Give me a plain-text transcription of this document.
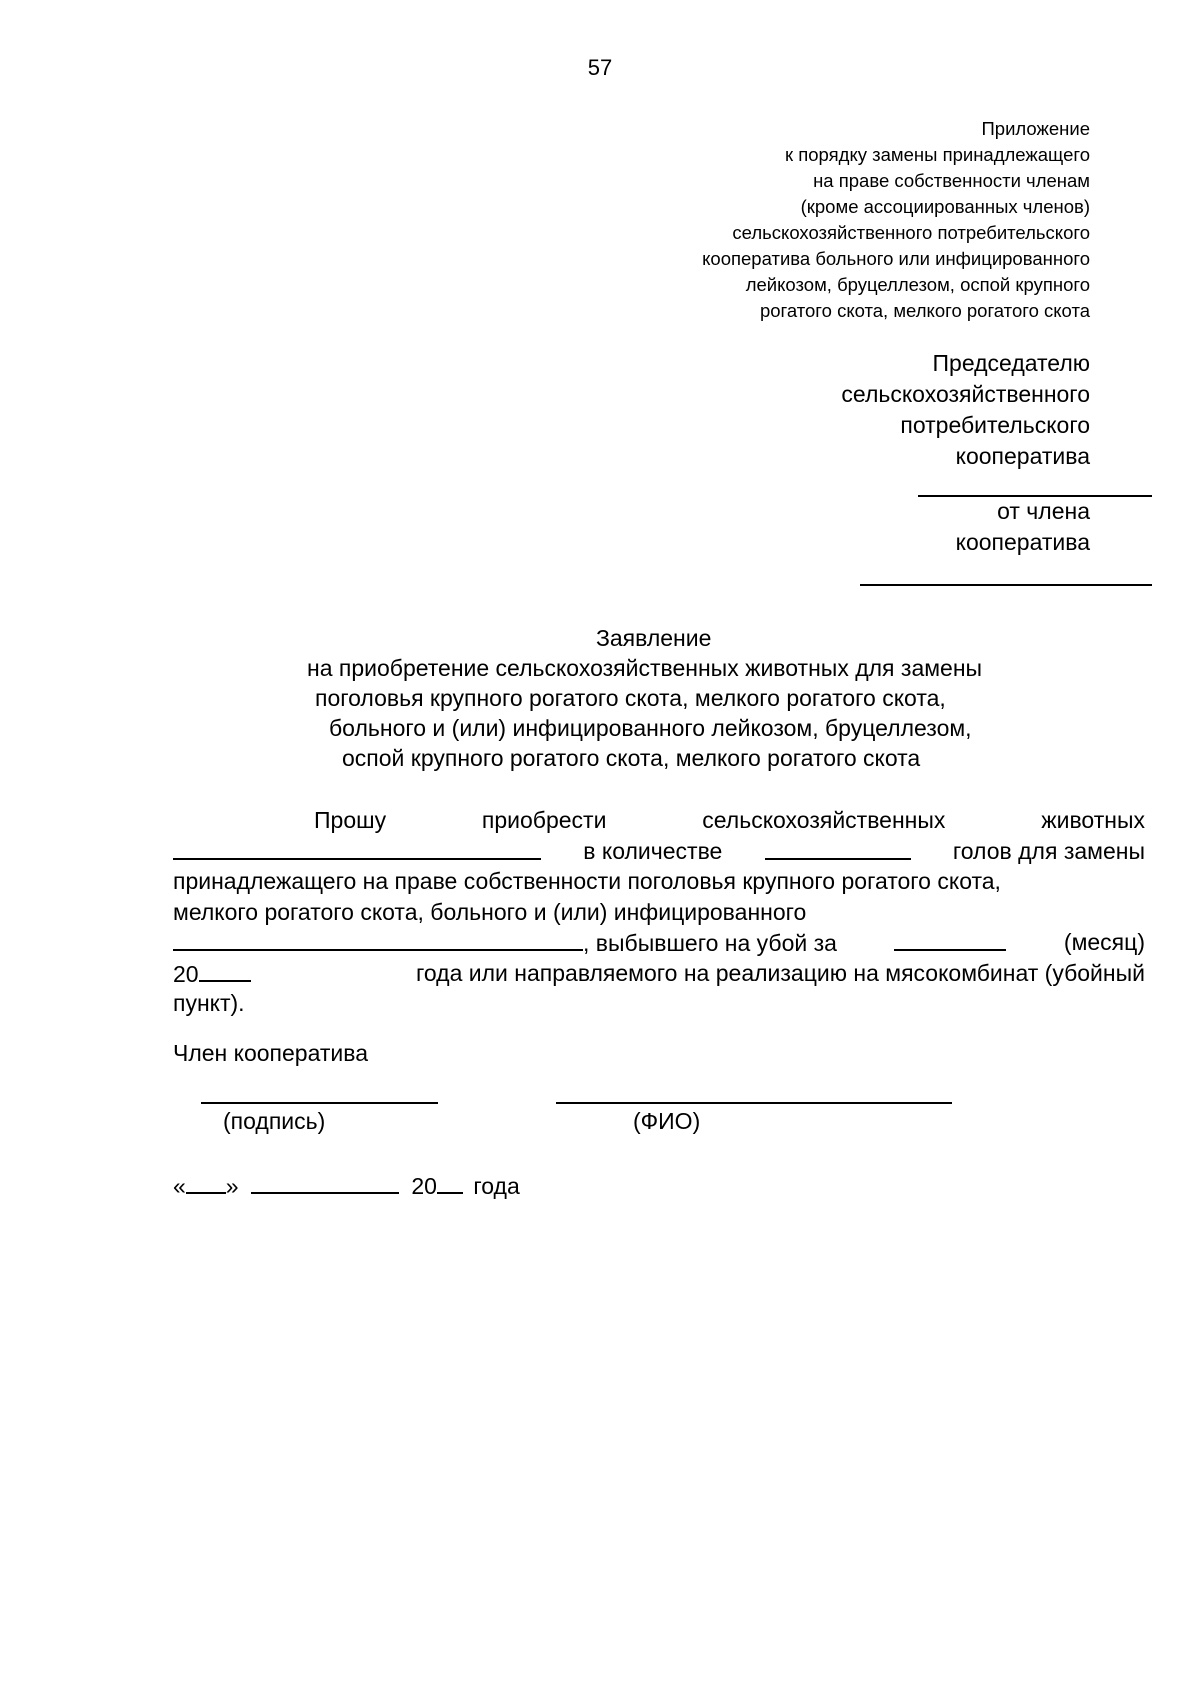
57
Приложение
к порядку замены принадлежащего
на праве собственности членам
(кроме ассоциированных членов)
сельскохозяйственного потребительского
кооператива больного или инфицированного
лейкозом, бруцеллезом, оспой крупного
рогатого скота, мелкого рогатого скота
Председателю
сельскохозяйственного
потребительского
кооператива
от члена
кооператива
Заявление
на приобретение сельскохозяйственных животных для замены
поголовья крупного рогатого скота, мелкого рогатого скота,
больного и (или) инфицированного лейкозом, бруцеллезом,
оспой крупного рогатого скота, мелкого рогатого скота
Прошу	приобрести	сельскохозяйственных	животных
в количестве	голов для замены
принадлежащего на праве собственности поголовья крупного рогатого скота,
мелкого рогатого скота, больного и (или) инфицированного
, выбывшего на убой за	(месяц)
20	года или направляемого на реализацию на мясокомбинат (убойный
пункт).
Член кооператива
(подпись)	(ФИО)
« »	20 года
